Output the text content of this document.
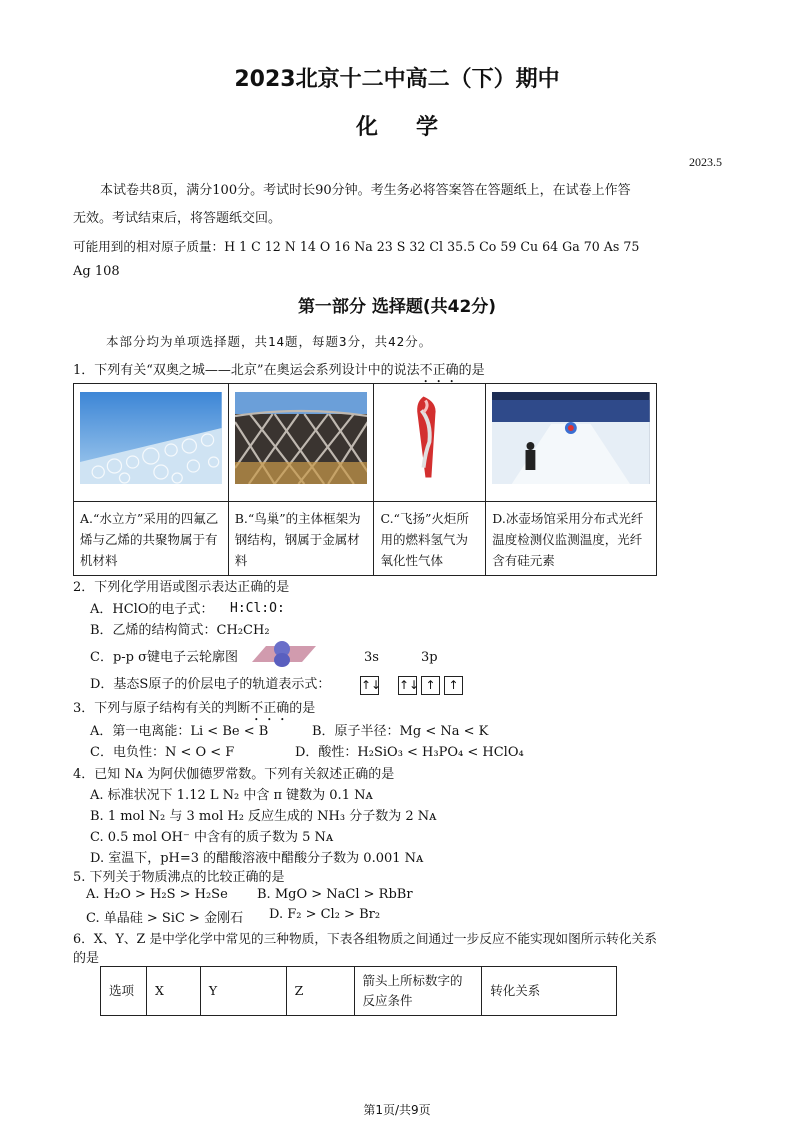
2023北京十二中高二（下）期中
化学
2023.5
本试卷共8页，满分100分。考试时长90分钟。考生务必将答案答在答题纸上，在试卷上作答
无效。考试结束后，将答题纸交回。
可能用到的相对原子质量：H 1 C 12 N 14 O 16 Na 23 S 32 Cl 35.5 Co 59 Cu 64 Ga 70 As 75
Ag 108
第一部分 选择题(共42分)
本部分均为单项选择题，共14题，每题3分，共42分。
1．下列有关“双奥之城——北京”在奥运会系列设计中的说法不正确的是

A.“水立方”采用的四氟乙烯与乙烯的共聚物属于有机材料	B.“鸟巢”的主体框架为钢结构，钢属于金属材料	C.“飞扬”火炬所用的燃料氢气为氧化性气体	D.冰壶场馆采用分布式光纤温度检测仪监测温度，光纤含有硅元素
2．下列化学用语或图示表达正确的是
A．HClO的电子式： H:Cl:O:
B．乙烯的结构简式：CH₂CH₂
C．p-p σ键电子云轮廓图
D．基态S原子的价层电子的轨道表示式：
3s	3p
↑↓ ↑↓ ↑	↑
3．下列与原子结构有关的判断不正确的是
A．第一电离能：Li < Be < B	B．原子半径：Mg < Na < K
C．电负性：N < O < F	D．酸性：H₂SiO₃ < H₃PO₄ < HClO₄
4．已知 Nᴀ 为阿伏伽德罗常数。下列有关叙述正确的是
A. 标准状况下 1.12 L N₂ 中含 π 键数为 0.1 Nᴀ
B. 1 mol N₂ 与 3 mol H₂ 反应生成的 NH₃ 分子数为 2 Nᴀ
C. 0.5 mol OH⁻ 中含有的质子数为 5 Nᴀ
D. 室温下，pH=3 的醋酸溶液中醋酸分子数为 0.001 Nᴀ
5. 下列关于物质沸点的比较正确的是
A. H₂O > H₂S > H₂Se B. MgO > NaCl > RbBr
C. 单晶硅 > SiC > 金刚石 D. F₂ > Cl₂ > Br₂
6．X、Y、Z 是中学化学中常见的三种物质，下表各组物质之间通过一步反应不能实现如图所示转化关系
的是
选项	X	Y	Z	箭头上所标数字的反应条件	转化关系
第1页/共9页
